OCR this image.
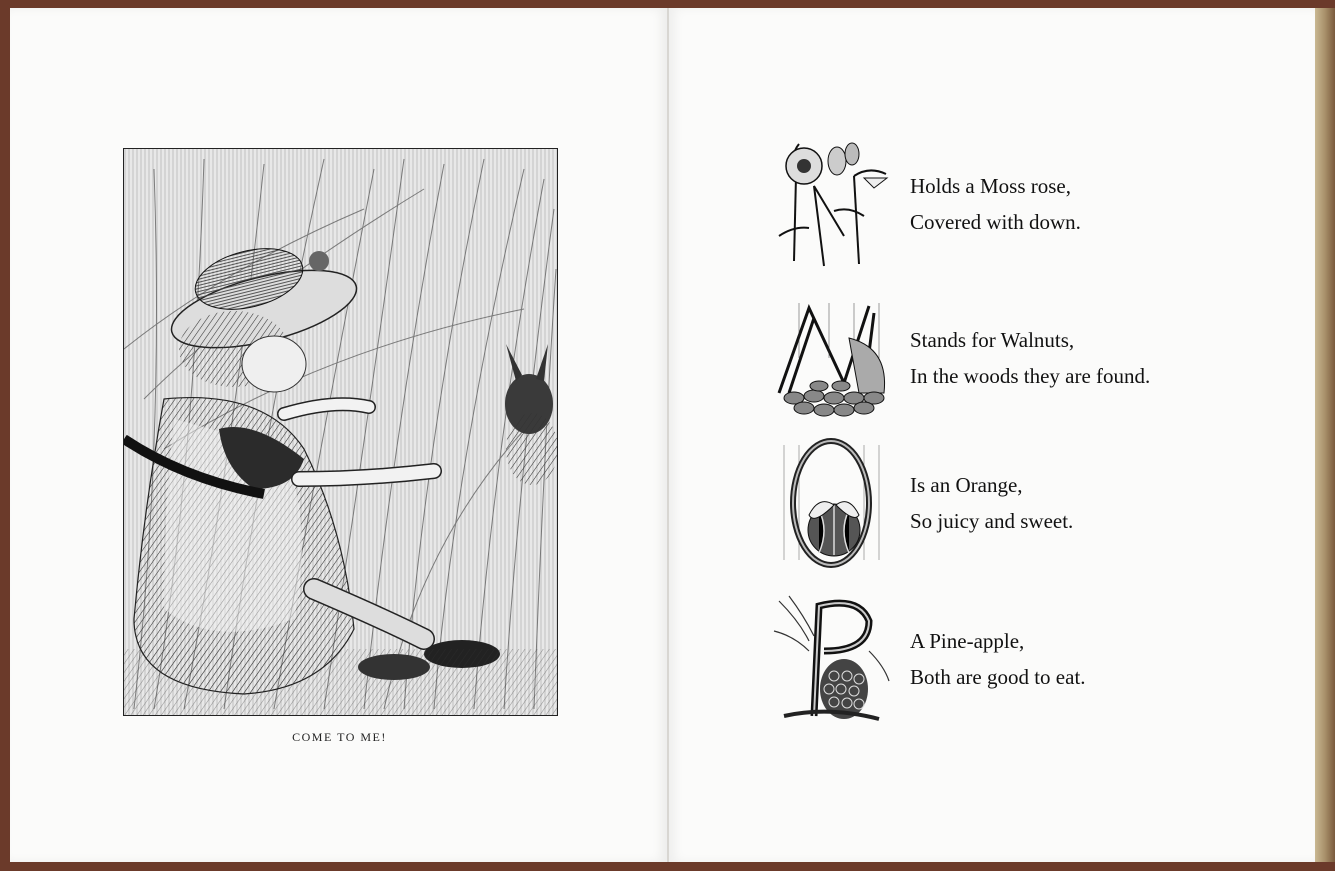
COME TO ME!
Holds a Moss rose,
Covered with down.
Stands for Walnuts,
In the woods they are found.
Is an Orange,
So juicy and sweet.
A Pine-apple,
Both are good to eat.
